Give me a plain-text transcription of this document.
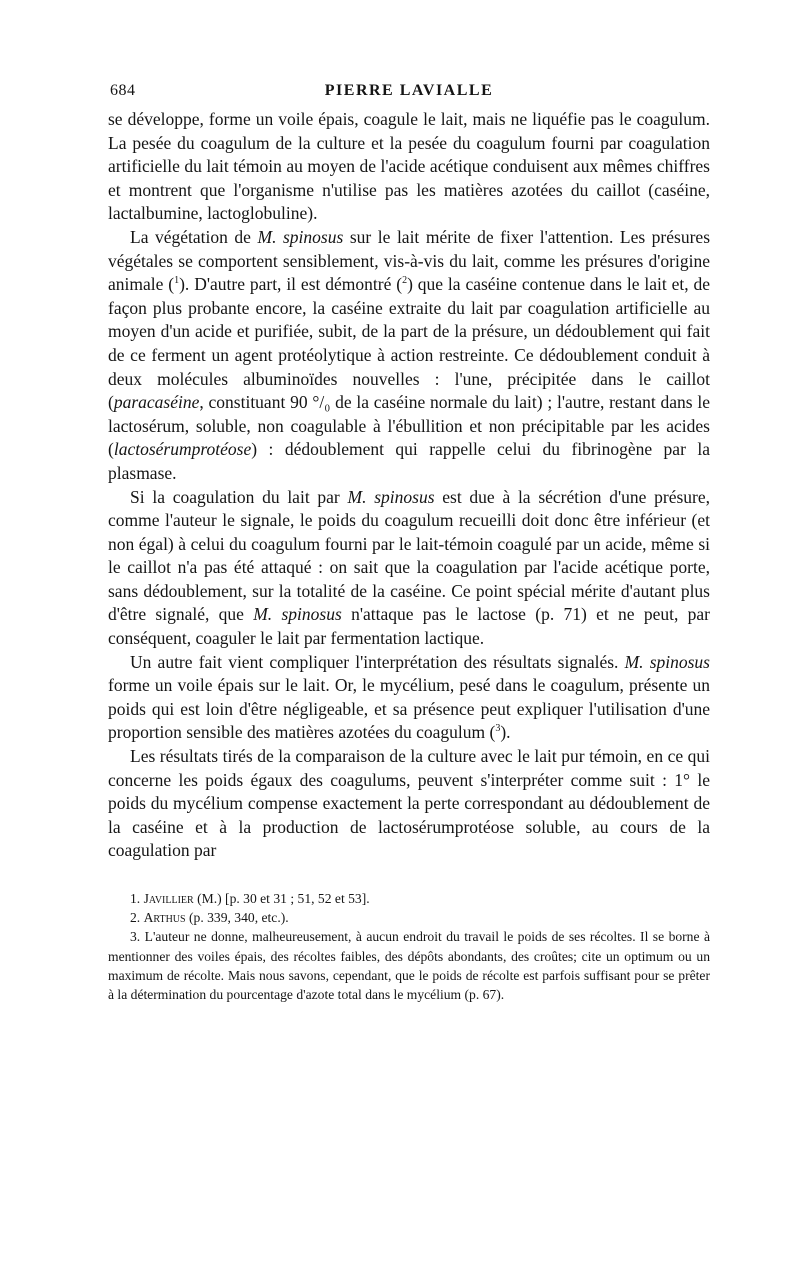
684	PIERRE LAVIALLE

se développe, forme un voile épais, coagule le lait, mais ne liquéfie pas le coagulum. La pesée du coagulum de la culture et la pesée du coagulum fourni par coagulation artificielle du lait témoin au moyen de l'acide acétique conduisent aux mêmes chiffres et montrent que l'organisme n'utilise pas les matières azotées du caillot (caséine, lactalbumine, lactoglobuline).

La végétation de M. spinosus sur le lait mérite de fixer l'attention. Les présures végétales se comportent sensiblement, vis-à-vis du lait, comme les présures d'origine animale ($^1$). D'autre part, il est démontré ($^2$) que la caséine contenue dans le lait et, de façon plus probante encore, la caséine extraite du lait par coagulation artificielle au moyen d'un acide et purifiée, subit, de la part de la présure, un dédoublement qui fait de ce ferment un agent protéolytique à action restreinte. Ce dédoublement conduit à deux molécules albuminoïdes nouvelles : l'une, précipitée dans le caillot (paracaséine, constituant 90 °/₀ de la caséine normale du lait) ; l'autre, restant dans le lactosérum, soluble, non coagulable à l'ébullition et non précipitable par les acides (lactosérumprotéose) : dédoublement qui rappelle celui du fibrinogène par la plasmase.

Si la coagulation du lait par M. spinosus est due à la sécrétion d'une présure, comme l'auteur le signale, le poids du coagulum recueilli doit donc être inférieur (et non égal) à celui du coagulum fourni par le lait-témoin coagulé par un acide, même si le caillot n'a pas été attaqué : on sait que la coagulation par l'acide acétique porte, sans dédoublement, sur la totalité de la caséine. Ce point spécial mérite d'autant plus d'être signalé, que M. spinosus n'attaque pas le lactose (p. 71) et ne peut, par conséquent, coaguler le lait par fermentation lactique.

Un autre fait vient compliquer l'interprétation des résultats signalés. M. spinosus forme un voile épais sur le lait. Or, le mycélium, pesé dans le coagulum, présente un poids qui est loin d'être négligeable, et sa présence peut expliquer l'utilisation d'une proportion sensible des matières azotées du coagulum ($^3$).

Les résultats tirés de la comparaison de la culture avec le lait pur témoin, en ce qui concerne les poids égaux des coagulums, peuvent s'interpréter comme suit : 1° le poids du mycélium compense exactement la perte correspondant au dédoublement de la caséine et à la production de lactosérumprotéose soluble, au cours de la coagulation par

1. Javillier (M.) [p. 30 et 31 ; 51, 52 et 53].

2. Arthus (p. 339, 340, etc.).

3. L'auteur ne donne, malheureusement, à aucun endroit du travail le poids de ses récoltes. Il se borne à mentionner des voiles épais, des récoltes faibles, des dépôts abondants, des croûtes; cite un optimum ou un maximum de récolte. Mais nous savons, cependant, que le poids de récolte est parfois suffisant pour se prêter à la détermination du pourcentage d'azote total dans le mycélium (p. 67).
